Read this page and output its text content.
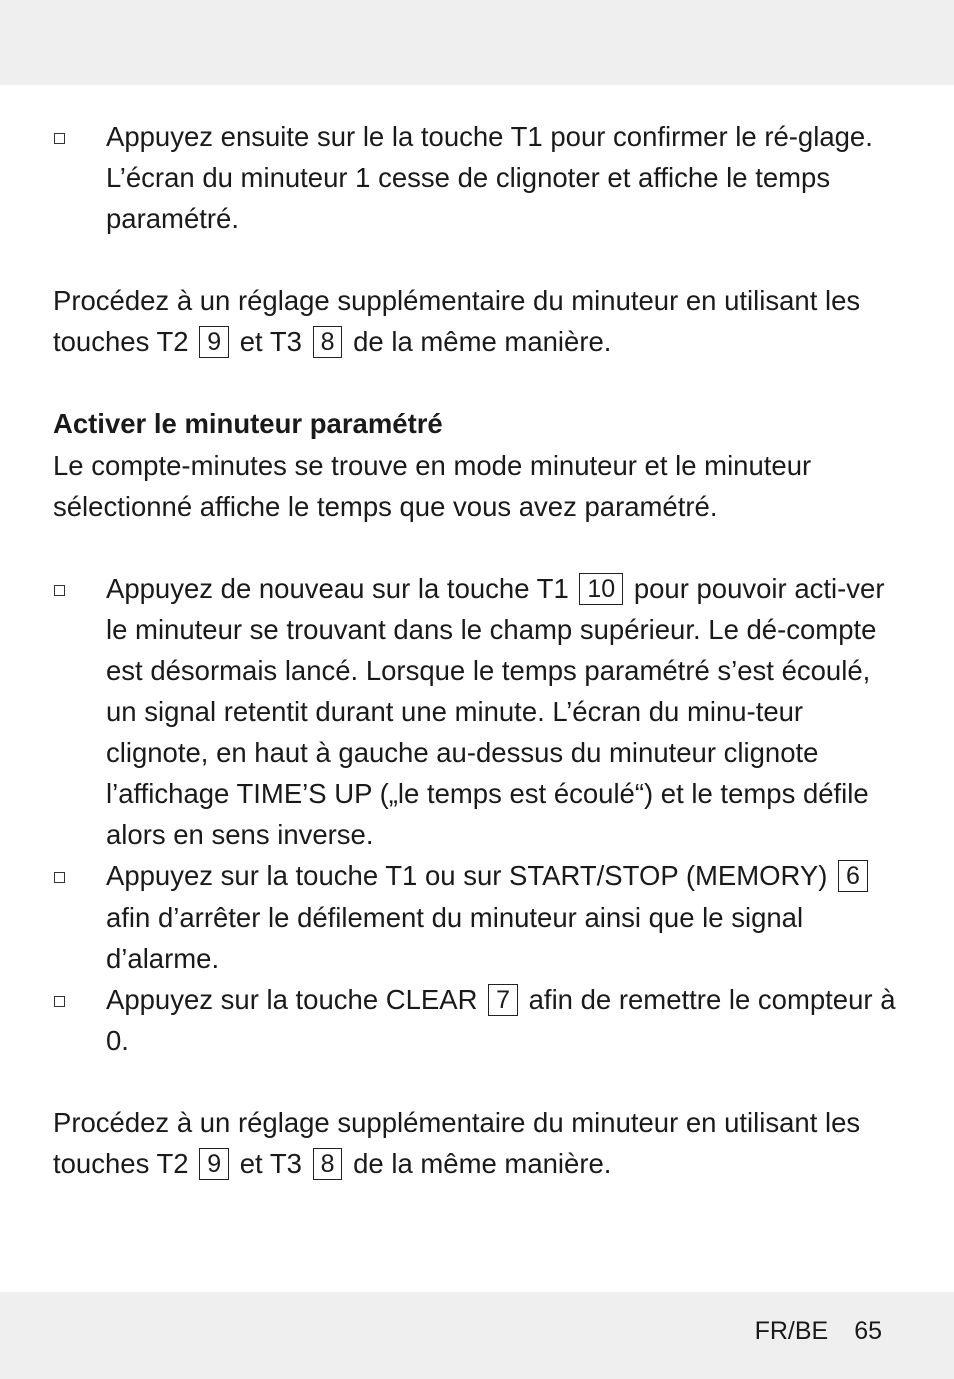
Appuyez ensuite sur le la touche T1 pour confirmer le ré-glage. L’écran du minuteur 1 cesse de clignoter et affiche le temps paramétré.

Procédez à un réglage supplémentaire du minuteur en utilisant les touches T2 9 et T3 8 de la même manière.

Activer le minuteur paramétré

Le compte-minutes se trouve en mode minuteur et le minuteur sélectionné affiche le temps que vous avez paramétré.

Appuyez de nouveau sur la touche T1 10 pour pouvoir acti-ver le minuteur se trouvant dans le champ supérieur. Le dé-compte est désormais lancé. Lorsque le temps paramétré s’est écoulé, un signal retentit durant une minute. L’écran du minu-teur clignote, en haut à gauche au-dessus du minuteur clignote l’affichage TIME’S UP („le temps est écoulé“) et le temps défile alors en sens inverse.

Appuyez sur la touche T1 ou sur START/STOP (MEMORY) 6 afin d’arrêter le défilement du minuteur ainsi que le signal d’alarme.

Appuyez sur la touche CLEAR 7 afin de remettre le compteur à 0.

Procédez à un réglage supplémentaire du minuteur en utilisant les touches T2 9 et T3 8 de la même manière.

FR/BE 65
